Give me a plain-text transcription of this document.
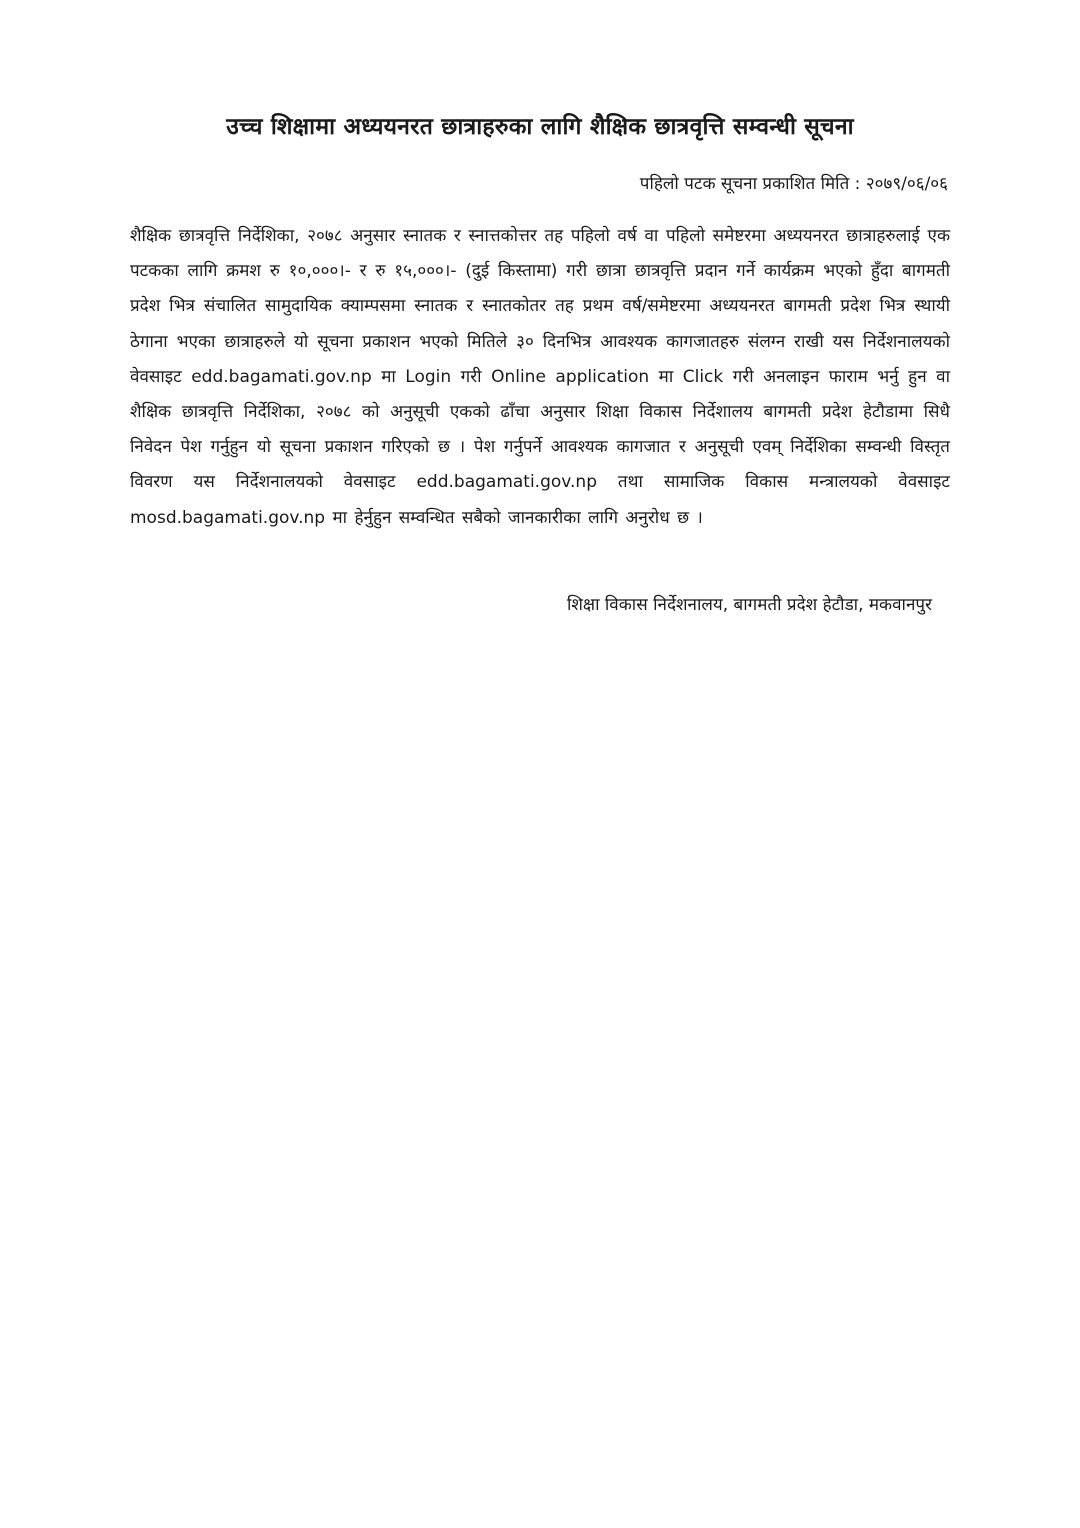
उच्च शिक्षामा अध्ययनरत छात्राहरुका लागि शैक्षिक छात्रवृत्ति सम्वन्धी सूचना
पहिलो पटक सूचना प्रकाशित मिति : २०७९/०६/०६

शैक्षिक छात्रवृत्ति निर्देशिका, २०७८ अनुसार स्नातक र स्नात्तकोत्तर तह पहिलो वर्ष वा पहिलो समेष्टरमा अध्ययनरत छात्राहरुलाई एक पटकका लागि क्रमश रु १०,०००।- र रु १५,०००।- (दुई किस्तामा) गरी छात्रा छात्रवृत्ति प्रदान गर्ने कार्यक्रम भएको हुँदा बागमती प्रदेश भित्र संचालित सामुदायिक क्याम्पसमा स्नातक र स्नातकोतर तह प्रथम वर्ष/समेष्टरमा अध्ययनरत बागमती प्रदेश भित्र स्थायी ठेगाना भएका छात्राहरुले यो सूचना प्रकाशन भएको मितिले ३० दिनभित्र आवश्यक कागजातहरु संलग्न राखी यस निर्देशनालयको वेवसाइट edd.bagamati.gov.np मा Login गरी Online application मा Click गरी अनलाइन फाराम भर्नु हुन वा शैक्षिक छात्रवृत्ति निर्देशिका, २०७८ को अनुसूची एकको ढाँचा अनुसार शिक्षा विकास निर्देशालय बागमती प्रदेश हेटौडामा सिधै निवेदन पेश गर्नुहुन यो सूचना प्रकाशन गरिएको छ । पेश गर्नुपर्ने आवश्यक कागजात र अनुसूची एवम् निर्देशिका सम्वन्धी विस्तृत विवरण यस निर्देशनालयको वेवसाइट edd.bagamati.gov.np तथा सामाजिक विकास मन्त्रालयको वेवसाइट mosd.bagamati.gov.np मा हेर्नुहुन सम्वन्धित सबैको जानकारीका लागि अनुरोध छ ।

शिक्षा विकास निर्देशनालय, बागमती प्रदेश हेटौडा, मकवानपुर
